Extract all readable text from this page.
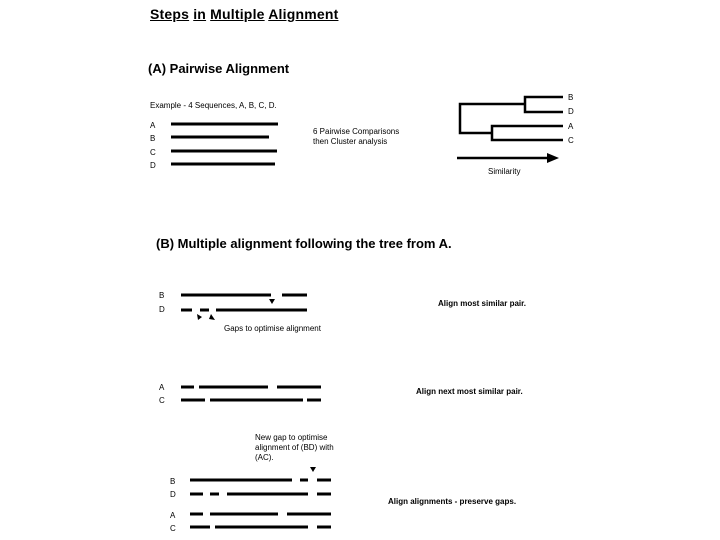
Steps in Multiple Alignment
(A) Pairwise Alignment
Example - 4 Sequences, A, B, C, D.
A
B
C
D
6 Pairwise Comparisons
then Cluster analysis
B
D
A
C
Similarity
(B) Multiple alignment following the tree from A.
B
D
Gaps to optimise alignment
Align most similar pair.
A
C
Align next most similar pair.
New gap to optimise
alignment of (BD) with
(AC).
B
D
A
C
Align alignments - preserve gaps.
